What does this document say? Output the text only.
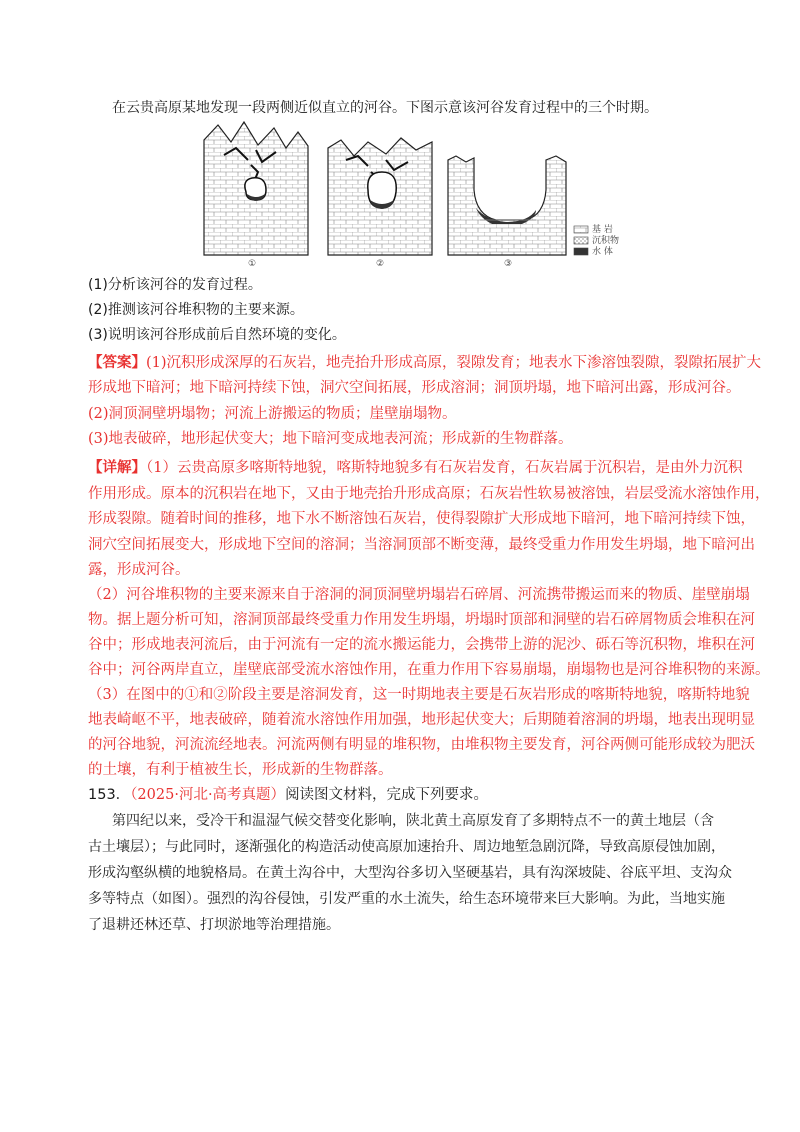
在云贵高原某地发现一段两侧近似直立的河谷。下图示意该河谷发育过程中的三个时期。
基 岩
沉积物
水 体
①	②	③
(1)分析该河谷的发育过程。
(2)推测该河谷堆积物的主要来源。
(3)说明该河谷形成前后自然环境的变化。
【答案】(1)沉积形成深厚的石灰岩，地壳抬升形成高原，裂隙发育；地表水下渗溶蚀裂隙，裂隙拓展扩大
形成地下暗河；地下暗河持续下蚀，洞穴空间拓展，形成溶洞；洞顶坍塌，地下暗河出露，形成河谷。
(2)洞顶洞壁坍塌物；河流上游搬运的物质；崖壁崩塌物。
(3)地表破碎，地形起伏变大；地下暗河变成地表河流；形成新的生物群落。
【详解】（1）云贵高原多喀斯特地貌，喀斯特地貌多有石灰岩发育，石灰岩属于沉积岩，是由外力沉积
作用形成。原本的沉积岩在地下，又由于地壳抬升形成高原；石灰岩性软易被溶蚀，岩层受流水溶蚀作用，
形成裂隙。随着时间的推移，地下水不断溶蚀石灰岩，使得裂隙扩大形成地下暗河，地下暗河持续下蚀，
洞穴空间拓展变大，形成地下空间的溶洞；当溶洞顶部不断变薄，最终受重力作用发生坍塌，地下暗河出
露，形成河谷。
（2）河谷堆积物的主要来源来自于溶洞的洞顶洞壁坍塌岩石碎屑、河流携带搬运而来的物质、崖壁崩塌
物。据上题分析可知，溶洞顶部最终受重力作用发生坍塌，坍塌时顶部和洞壁的岩石碎屑物质会堆积在河
谷中；形成地表河流后，由于河流有一定的流水搬运能力，会携带上游的泥沙、砾石等沉积物，堆积在河
谷中；河谷两岸直立，崖壁底部受流水溶蚀作用，在重力作用下容易崩塌，崩塌物也是河谷堆积物的来源。
（3）在图中的①和②阶段主要是溶洞发育，这一时期地表主要是石灰岩形成的喀斯特地貌，喀斯特地貌
地表崎岖不平，地表破碎，随着流水溶蚀作用加强，地形起伏变大；后期随着溶洞的坍塌，地表出现明显
的河谷地貌，河流流经地表。河流两侧有明显的堆积物，由堆积物主要发育，河谷两侧可能形成较为肥沃
的土壤，有利于植被生长，形成新的生物群落。
153．（2025·河北·高考真题）阅读图文材料，完成下列要求。
第四纪以来，受冷干和温湿气候交替变化影响，陕北黄土高原发育了多期特点不一的黄土地层（含
古土壤层）；与此同时，逐渐强化的构造活动使高原加速抬升、周边地堑急剧沉降，导致高原侵蚀加剧，
形成沟壑纵横的地貌格局。在黄土沟谷中，大型沟谷多切入坚硬基岩，具有沟深坡陡、谷底平坦、支沟众
多等特点（如图）。强烈的沟谷侵蚀，引发严重的水土流失，给生态环境带来巨大影响。为此，当地实施
了退耕还林还草、打坝淤地等治理措施。
